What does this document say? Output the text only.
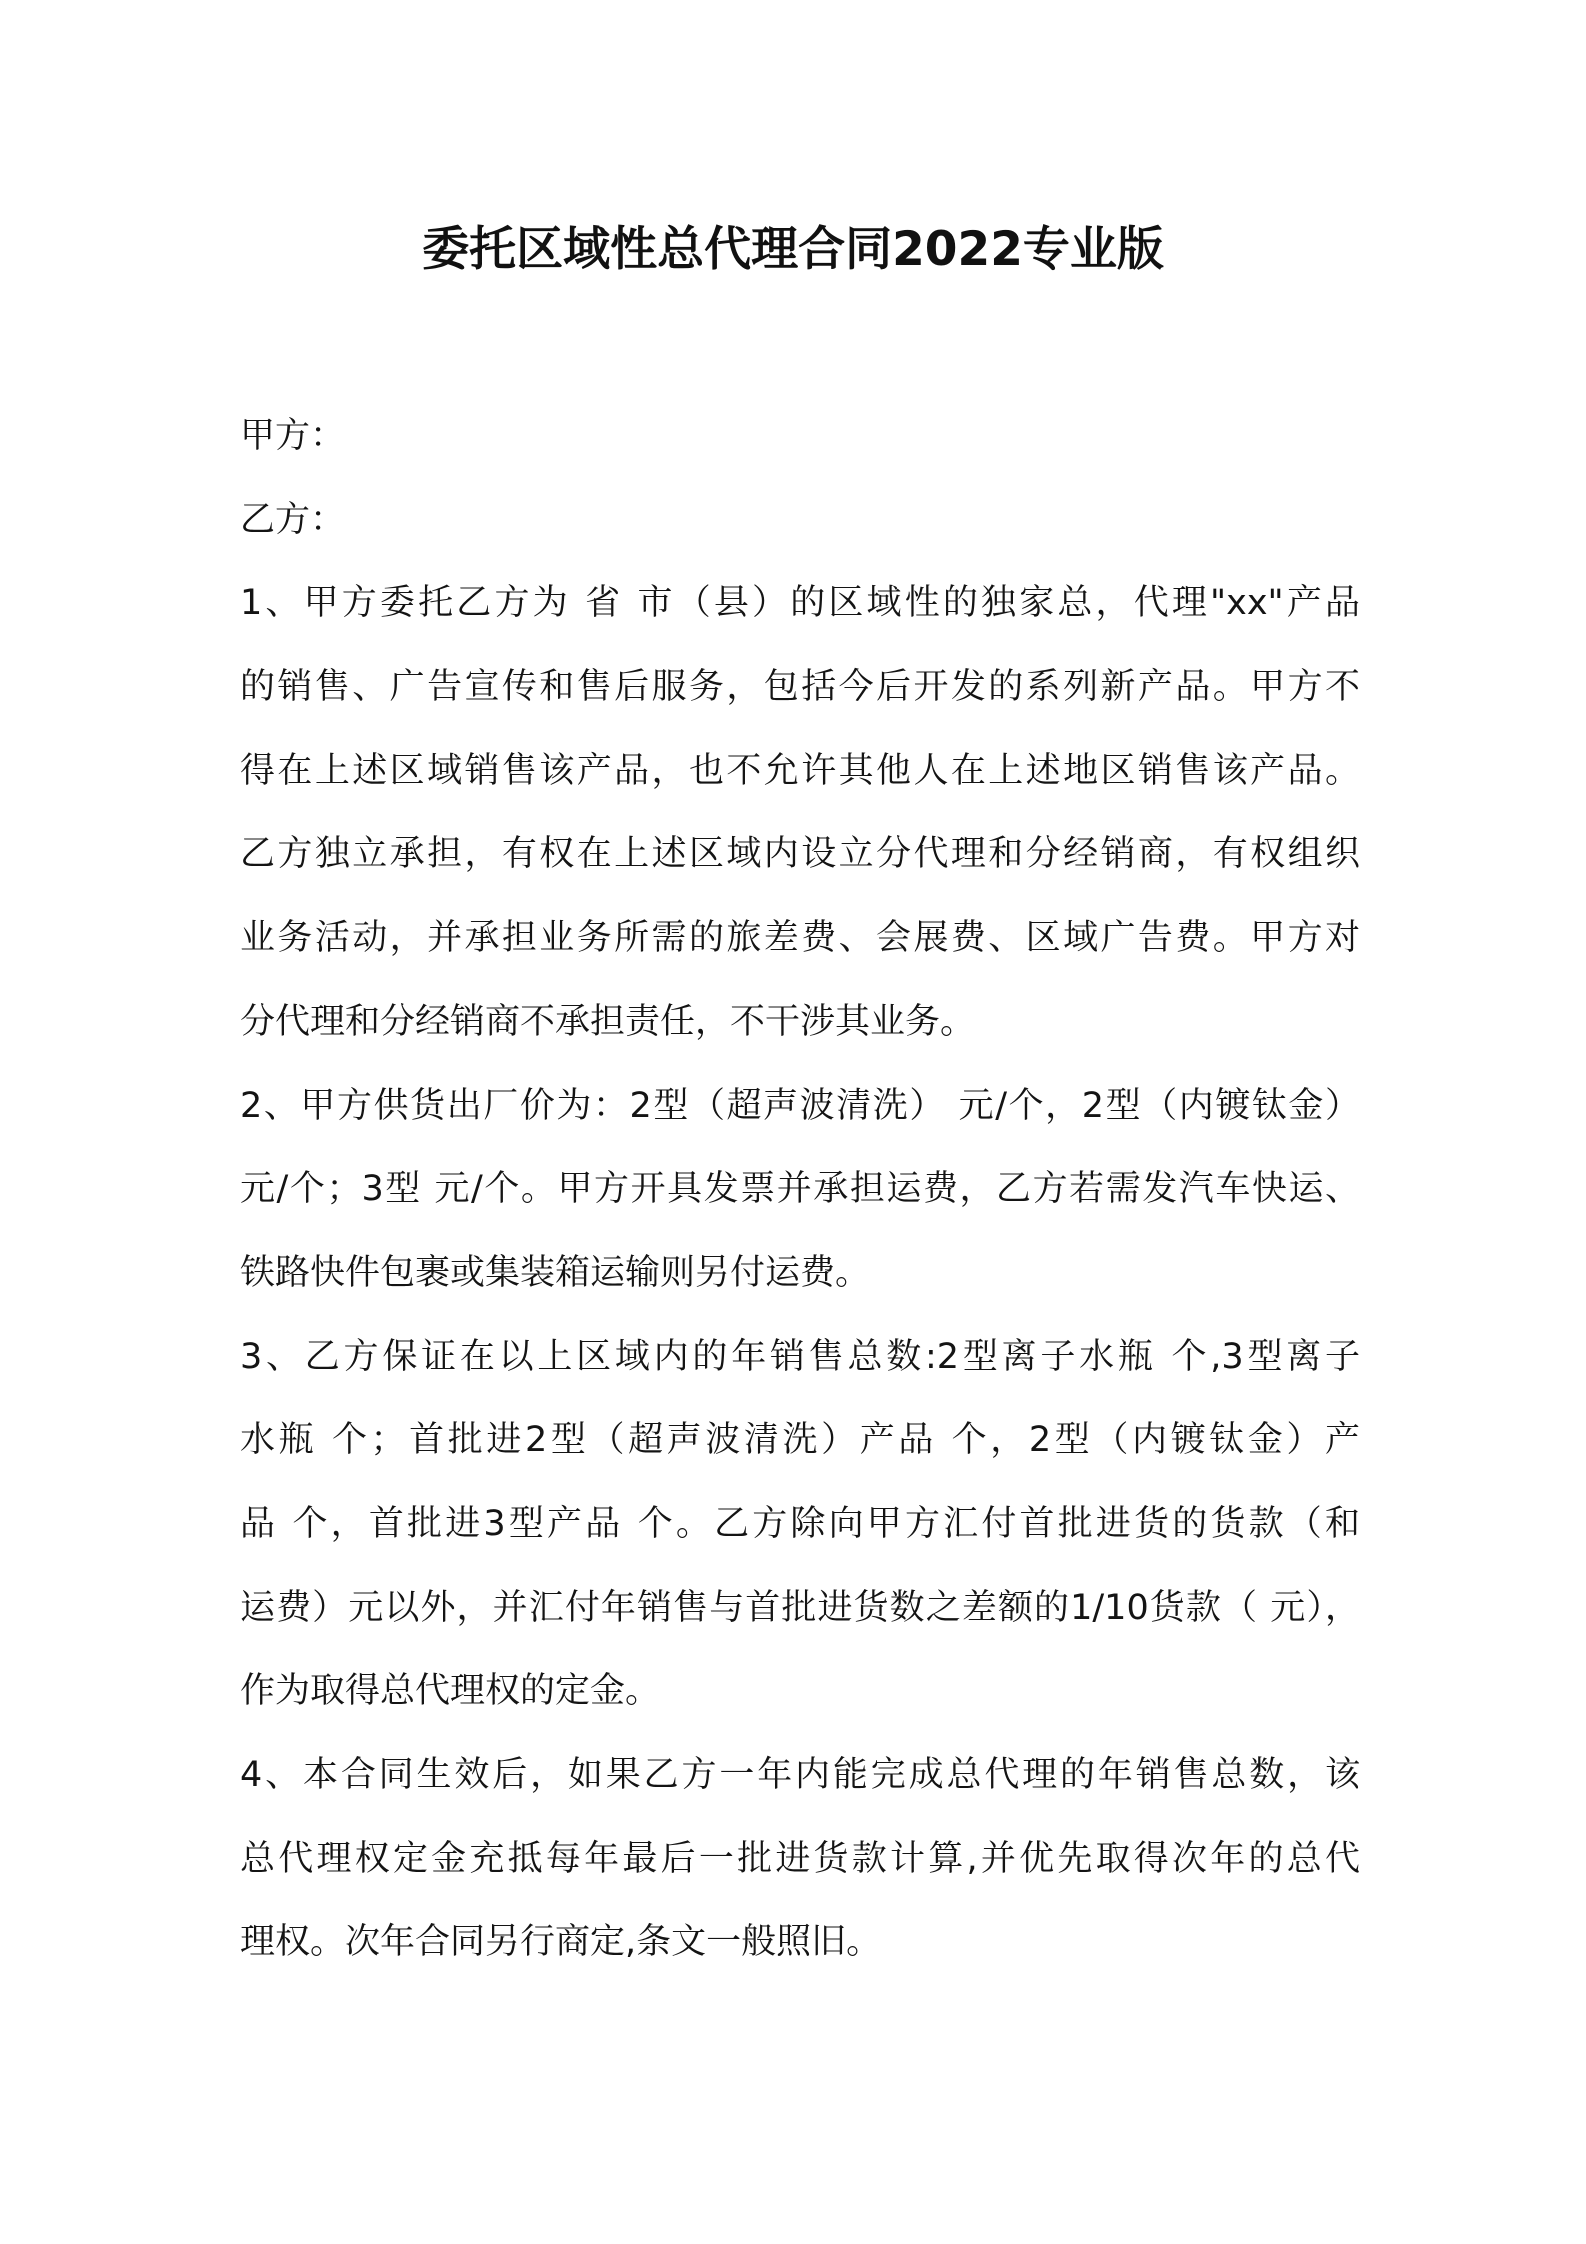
委托区域性总代理合同2022专业版
甲方：
乙方：
1、甲方委托乙方为 省 市（县）的区域性的独家总，代理"xx"产品
的销售、广告宣传和售后服务，包括今后开发的系列新产品。甲方不
得在上述区域销售该产品，也不允许其他人在上述地区销售该产品。
乙方独立承担，有权在上述区域内设立分代理和分经销商，有权组织
业务活动，并承担业务所需的旅差费、会展费、区域广告费。甲方对
分代理和分经销商不承担责任，不干涉其业务。
2、甲方供货出厂价为：2型（超声波清洗） 元/个，2型（内镀钛金）
元/个；3型 元/个。甲方开具发票并承担运费，乙方若需发汽车快运、
铁路快件包裹或集装箱运输则另付运费。
3、乙方保证在以上区域内的年销售总数:2型离子水瓶 个,3型离子
水瓶 个；首批进2型（超声波清洗）产品 个，2型（内镀钛金）产
品 个，首批进3型产品 个。乙方除向甲方汇付首批进货的货款（和
运费）元以外，并汇付年销售与首批进货数之差额的1/10货款（ 元），
作为取得总代理权的定金。
4、本合同生效后，如果乙方一年内能完成总代理的年销售总数，该
总代理权定金充抵每年最后一批进货款计算,并优先取得次年的总代
理权。次年合同另行商定,条文一般照旧。
